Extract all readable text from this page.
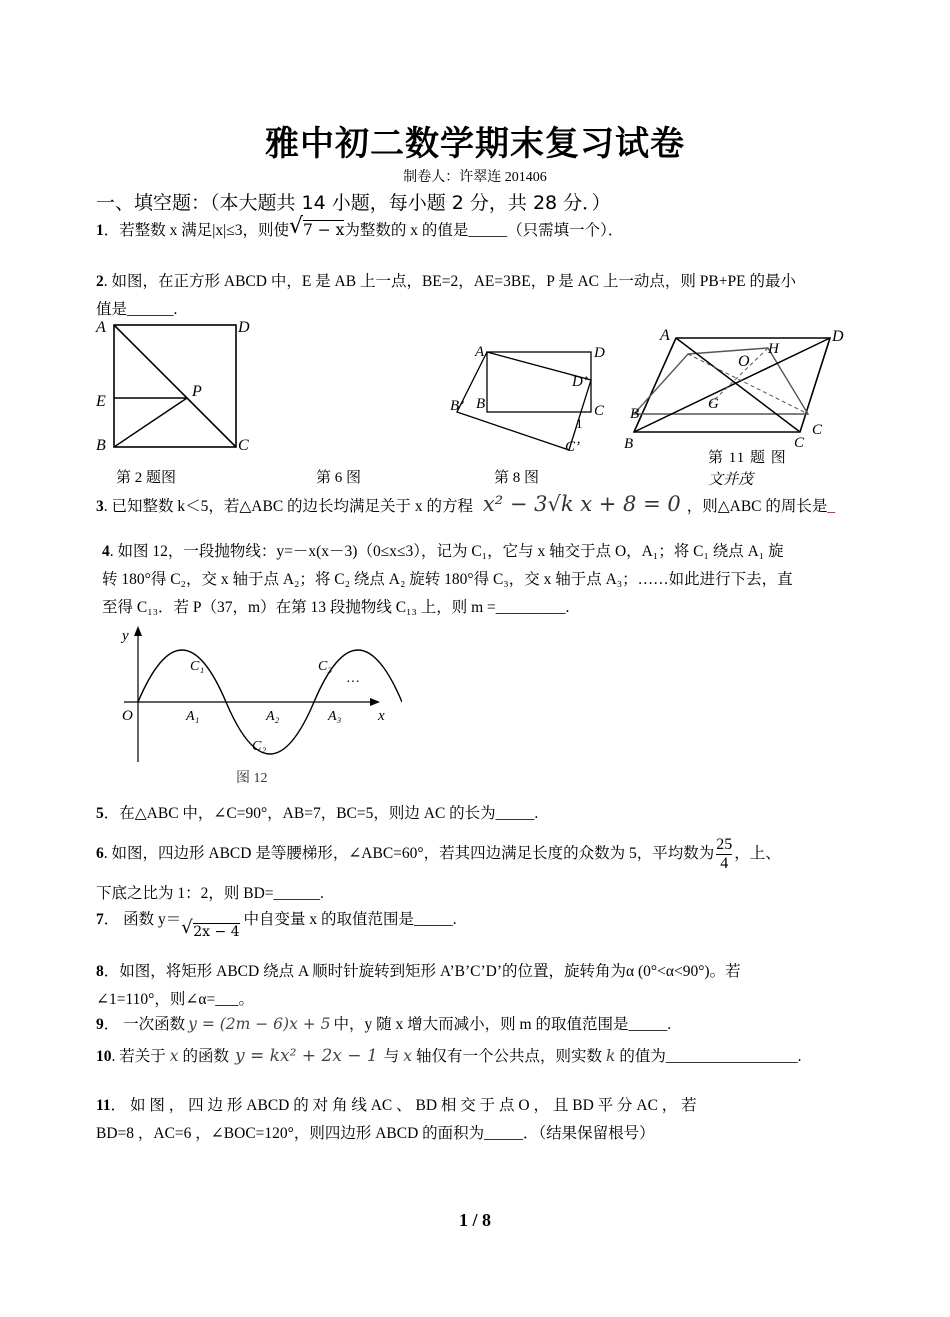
雅中初二数学期末复习试卷
制卷人：许翠连 201406
一、填空题：（本大题共 14 小题，每小题 2 分，共 28 分．）
1．若整数 x 满足|x|≤3，则使 √ 7 − x为整数的 x 的值是_____（只需填一个）．
2. 如图，在正方形 ABCD 中，E 是 AB 上一点，BE=2，AE=3BE，P 是 AC 上一动点，则 PB+PE 的最小
值是______.
A	D
E
P
B	C
A	D
D’
B’ B	C
1
C’
A	D
O
H
G
B
B
C
C
第 2 题图	第 6 图	第 8 图
第 11 题 图
文并茂
3. 已知整数 k＜5，若△ABC 的边长均满足关于 x 的方程 x² − 3√k x + 8 = 0 ，则△ABC 的周长是_
4. 如图 12，一段抛物线：y=－x(x－3)（0≤x≤3），记为 C₁，它与 x 轴交于点 O，A₁；将 C₁ 绕点 A₁ 旋
转 180°得 C₂，交 x 轴于点 A₂；将 C₂ 绕点 A₂ 旋转 180°得 C₃，交 x 轴于点 A₃；……如此进行下去，直
至得 C₁₃．若 P（37，m）在第 13 段抛物线 C₁₃ 上，则 m =_________.
y
x
O	A₁	A₂	A₃
C₁
C₂
C₃
···
图 12
5．在△ABC 中，∠C=90°，AB=7，BC=5，则边 AC 的长为_____.
6. 如图，四边形 ABCD 是等腰梯形，∠ABC=60°，若其四边满足长度的众数为 5，平均数为 $\frac{25}{4}$ ，上、
下底之比为 1：2，则 BD=______.
7． 函数 y＝ √ 2x − 4 中自变量 x 的取值范围是_____.
8．如图，将矩形 ABCD 绕点 A 顺时针旋转到矩形 A’B’C’D’的位置，旋转角为α (0°<α<90°)。若
∠1=110°，则∠α=___。
9． 一次函数 y = (2m − 6)x + 5 中，y 随 x 增大而减小，则 m 的取值范围是_____.
10. 若关于 x 的函数 y = kx² + 2x − 1 与 x 轴仅有一个公共点，则实数 k 的值为_________________.
11． 如 图 ， 四 边 形 ABCD 的 对 角 线 AC 、 BD 相 交 于 点 O ， 且 BD 平 分 AC ， 若
BD=8 ，AC=6 ，∠BOC=120°，则四边形 ABCD 的面积为_____．（结果保留根号）
1 / 8
